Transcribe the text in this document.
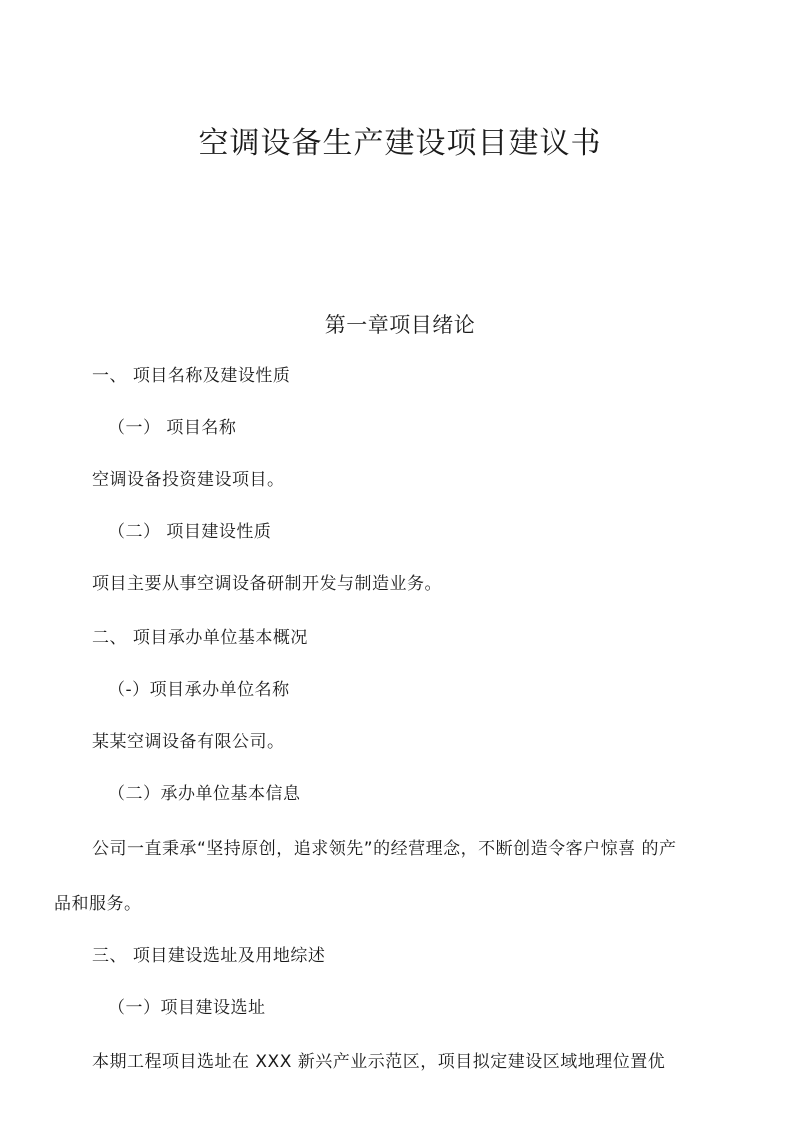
空调设备生产建设项目建议书
第一章项目绪论
一、 项目名称及建设性质
（一） 项目名称
空调设备投资建设项目。
（二） 项目建设性质
项目主要从事空调设备研制开发与制造业务。
二、 项目承办单位基本概况
（-）项目承办单位名称
某某空调设备有限公司。
（二）承办单位基本信息
公司一直秉承“坚持原创，追求领先”的经营理念，不断创造令客户惊喜 的产
品和服务。
三、 项目建设选址及用地综述
（一）项目建设选址
本期工程项目选址在 XXX 新兴产业示范区，项目拟定建设区域地理位置优
